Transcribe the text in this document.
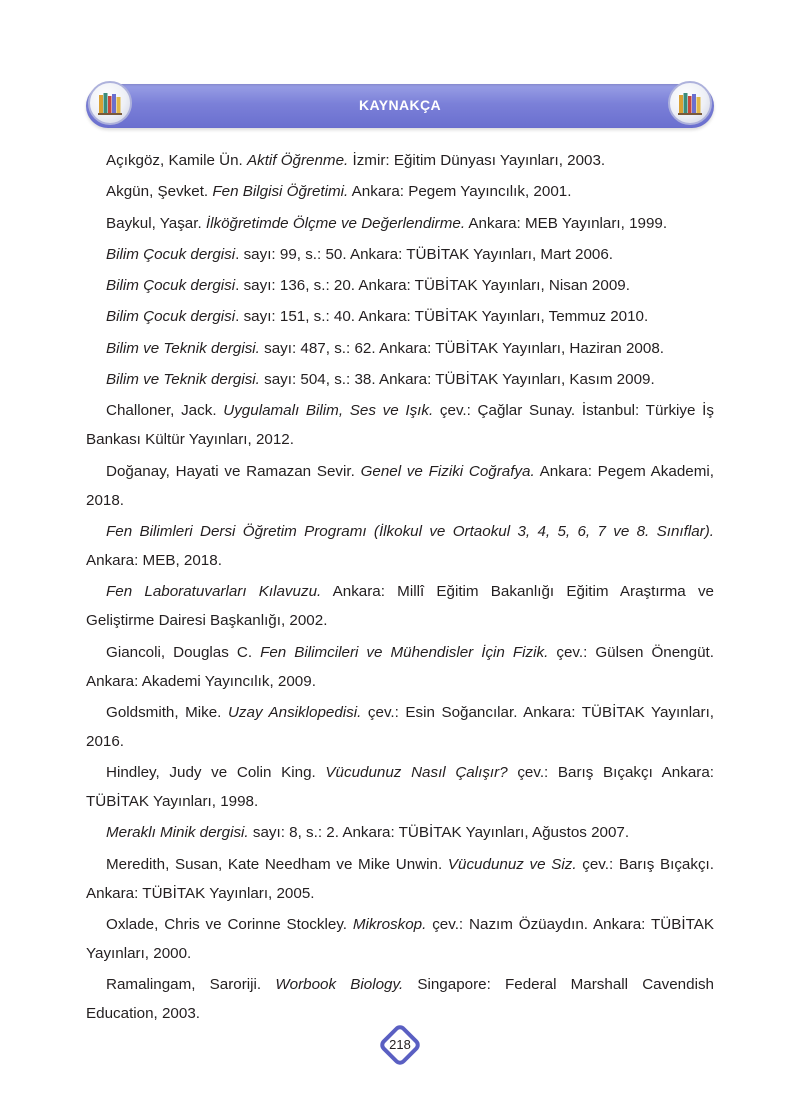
KAYNAKÇA

Açıkgöz, Kamile Ün. Aktif Öğrenme. İzmir: Eğitim Dünyası Yayınları, 2003.

Akgün, Şevket. Fen Bilgisi Öğretimi. Ankara: Pegem Yayıncılık, 2001.

Baykul, Yaşar. İlköğretimde Ölçme ve Değerlendirme. Ankara: MEB Yayınları, 1999.

Bilim Çocuk dergisi. sayı: 99, s.: 50. Ankara: TÜBİTAK Yayınları, Mart 2006.

Bilim Çocuk dergisi. sayı: 136, s.: 20. Ankara: TÜBİTAK Yayınları, Nisan 2009.

Bilim Çocuk dergisi. sayı: 151, s.: 40. Ankara: TÜBİTAK Yayınları, Temmuz 2010.

Bilim ve Teknik dergisi. sayı: 487, s.: 62. Ankara: TÜBİTAK Yayınları, Haziran 2008.

Bilim ve Teknik dergisi. sayı: 504, s.: 38. Ankara: TÜBİTAK Yayınları, Kasım 2009.

Challoner, Jack. Uygulamalı Bilim, Ses ve Işık. çev.: Çağlar Sunay. İstanbul: Türkiye İş Bankası Kültür Yayınları, 2012.

Doğanay, Hayati ve Ramazan Sevir. Genel ve Fiziki Coğrafya. Ankara: Pegem Akademi, 2018.

Fen Bilimleri Dersi Öğretim Programı (İlkokul ve Ortaokul 3, 4, 5, 6, 7 ve 8. Sınıflar). Ankara: MEB, 2018.

Fen Laboratuvarları Kılavuzu. Ankara: Millî Eğitim Bakanlığı Eğitim Araştırma ve Geliştirme Dairesi Başkanlığı, 2002.

Giancoli, Douglas C. Fen Bilimcileri ve Mühendisler İçin Fizik. çev.: Gülsen Önengüt. Ankara: Akademi Yayıncılık, 2009.

Goldsmith, Mike. Uzay Ansiklopedisi. çev.: Esin Soğancılar. Ankara: TÜBİTAK Yayınları, 2016.

Hindley, Judy ve Colin King. Vücudunuz Nasıl Çalışır? çev.: Barış Bıçakçı Ankara: TÜBİTAK Yayınları, 1998.

Meraklı Minik dergisi. sayı: 8, s.: 2. Ankara: TÜBİTAK Yayınları, Ağustos 2007.

Meredith, Susan, Kate Needham ve Mike Unwin. Vücudunuz ve Siz. çev.: Barış Bıçakçı. Ankara: TÜBİTAK Yayınları, 2005.

Oxlade, Chris ve Corinne Stockley. Mikroskop. çev.: Nazım Özüaydın. Ankara: TÜBİTAK Yayınları, 2000.

Ramalingam, Saroriji. Worbook Biology. Singapore: Federal Marshall Cavendish Education, 2003.

218
